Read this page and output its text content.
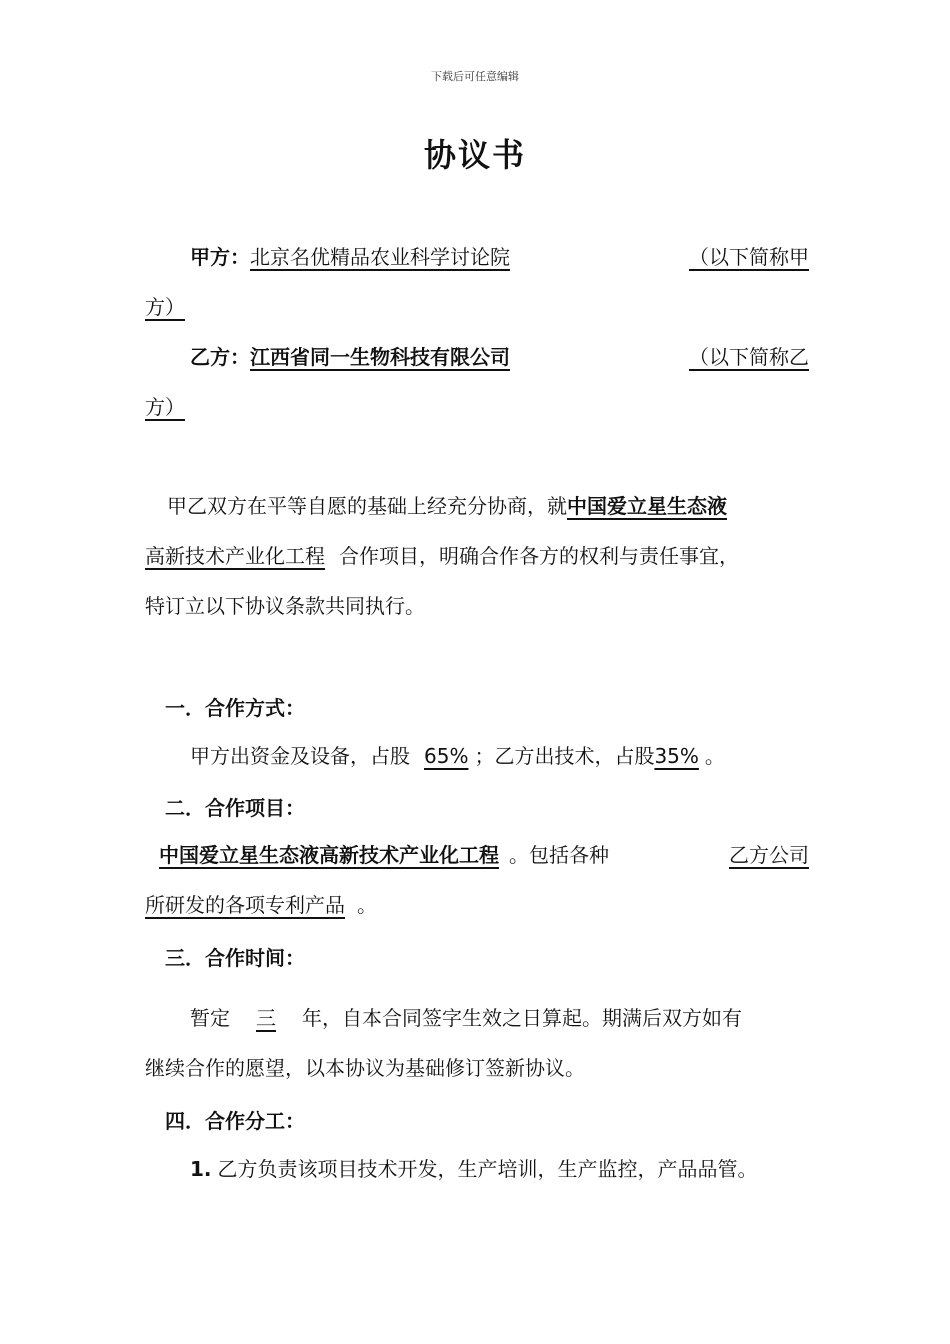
下载后可任意编辑
协议书
甲方：北京名优精品农业科学讨论院	（以下简称甲
方）
乙方：江西省同一生物科技有限公司	（以下简称乙
方）
甲乙双方在平等自愿的基础上经充分协商，就中国爱立星生态液
高新技术产业化工程 合作项目，明确合作各方的权利与责任事宜，
特订立以下协议条款共同执行。
一．合作方式：
甲方出资金及设备，占股 65% ；乙方出技术，占股35% 。
二．合作项目：
中国爱立星生态液高新技术产业化工程 。包括各种	乙方公司
所研发的各项专利产品 。
三．合作时间：
暂定 三 年，自本合同签字生效之日算起。期满后双方如有
继续合作的愿望，以本协议为基础修订签新协议。
四．合作分工：
1. 乙方负责该项目技术开发，生产培训，生产监控，产品品管。
